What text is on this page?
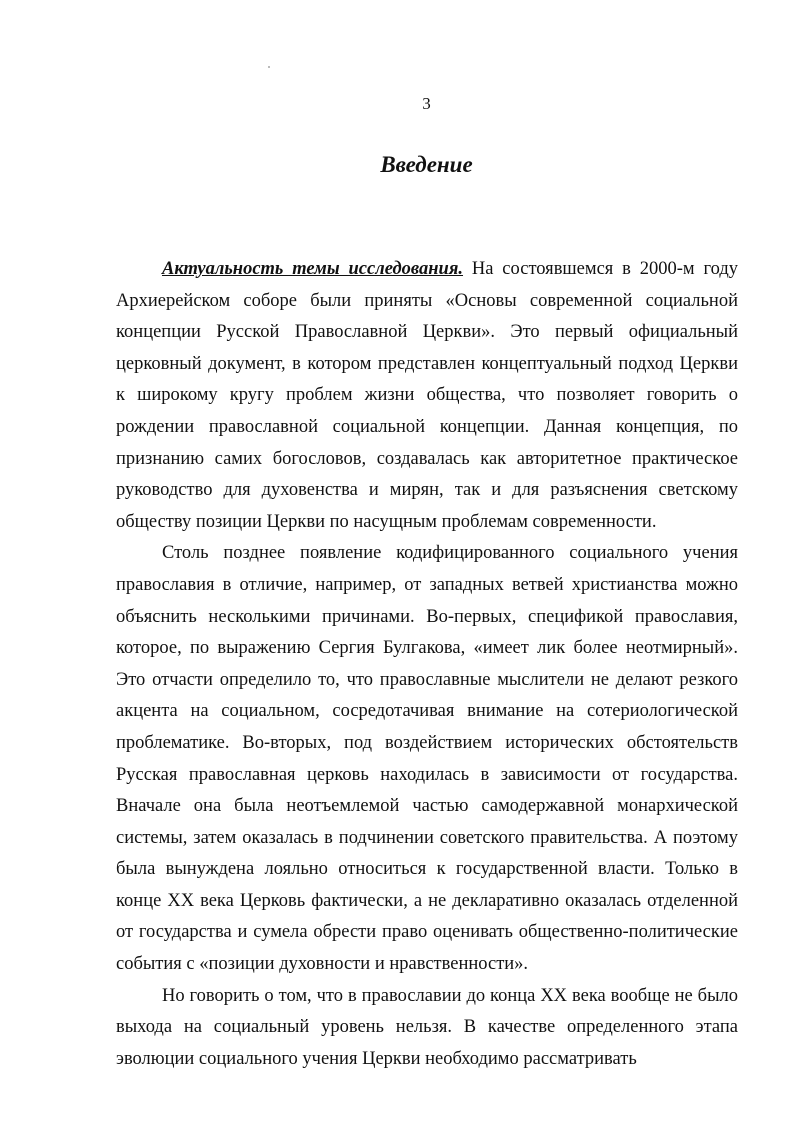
3
Введение

Актуальность темы исследования. На состоявшемся в 2000-м году Архиерейском соборе были приняты «Основы современной социальной концепции Русской Православной Церкви». Это первый официальный церковный документ, в котором представлен концептуальный подход Церкви к широкому кругу проблем жизни общества, что позволяет говорить о рождении православной социальной концепции. Данная концепция, по признанию самих богословов, создавалась как авторитетное практическое руководство для духовенства и мирян, так и для разъяснения светскому обществу позиции Церкви по насущным проблемам современности.

Столь позднее появление кодифицированного социального учения православия в отличие, например, от западных ветвей христианства можно объяснить несколькими причинами. Во-первых, спецификой православия, которое, по выражению Сергия Булгакова, «имеет лик более неотмирный». Это отчасти определило то, что православные мыслители не делают резкого акцента на социальном, сосредотачивая внимание на сотериологической проблематике. Во-вторых, под воздействием исторических обстоятельств Русская православная церковь находилась в зависимости от государства. Вначале она была неотъемлемой частью самодержавной монархической системы, затем оказалась в подчинении советского правительства. А поэтому была вынуждена лояльно относиться к государственной власти. Только в конце XX века Церковь фактически, а не декларативно оказалась отделенной от государства и сумела обрести право оценивать общественно-политические события с «позиции духовности и нравственности».

Но говорить о том, что в православии до конца XX века вообще не было выхода на социальный уровень нельзя. В качестве определенного этапа эволюции социального учения Церкви необходимо рассматривать
